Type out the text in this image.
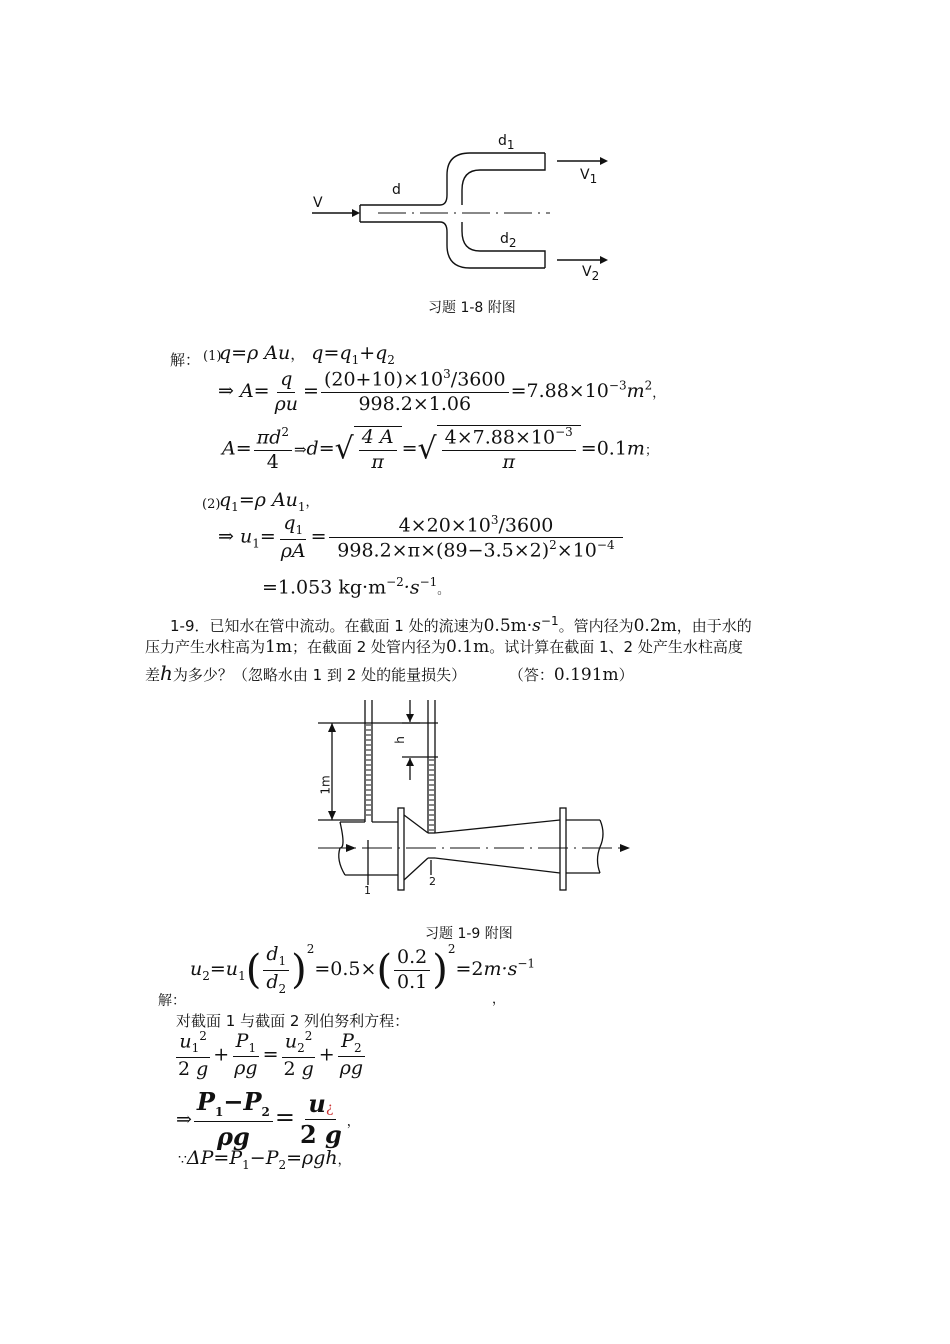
$d_1$
d
V
$V_1$
$d_2$
$V_2$
习题 1-8 附图
解： (1)
q=ρ Au， $q=q_1+q_2$
⇒ $A= \frac{q}{\rho u} = \frac{(20+10)\times 10^3/3600}{998.2\times 1.06} =7.88\times 10^{-3}m^2$，
$A= \frac{\pi d^2}{4}$ ⇒d=√ $\frac{4 A}{\pi}$ =√ $\frac{4\times 7.88\times 10^{-3}}{\pi} =0.1m$；
(2)
$q_1=\rho$ $Au_1$，
⇒ $u_1= \frac{q_1}{\rho A} = \frac{4\times 20\times 10^3/3600}{998.2\times\pi\times(89-3.5\times 2)^2\times 10^{-4}}$
=1.053 $kg\cdot m^{-2}\cdot s^{-1}$。
1-9．已知水在管中流动。在截面 1 处的流速为$0.5m\cdot s^{-1}$。管内径为0.2m，由于水的
压力产生水柱高为1m；在截面 2 处管内径为0.1m。试计算在截面 1、2 处产生水柱高度
差h为多少？（忽略水由 1 到 2 处的能量损失）	（答：0.191m）
h
1m
1
2
习题 1-9 附图
$u_2=u_1( \frac{d_1}{d_2} )^2=0.5\times( \frac{0.2}{0.1} )^2=2m\cdot s^{-1}$
解：	，
对截面 1 与截面 2 列伯努利方程：
$\frac{u_1^2}{2 g} + \frac{P_1}{\rho g} = \frac{u_2^2}{2 g} + \frac{P_2}{\rho g}$
⇒ $\frac{P_1-P_2}{\rho g} = \frac{u¿}{2 g}$ ，
$\because\Delta P=P_1-P_2=\rho gh$，
